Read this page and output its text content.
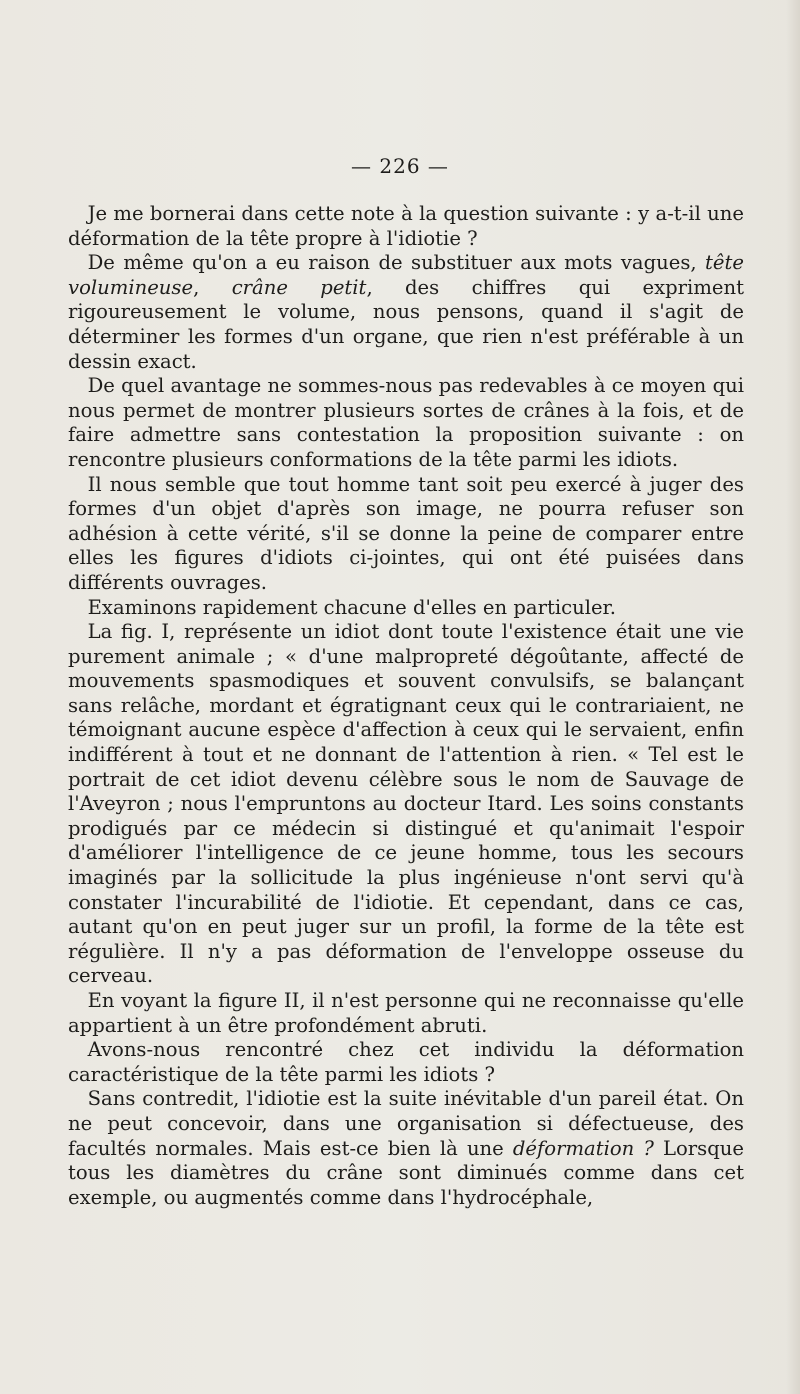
— 226 —

Je me bornerai dans cette note à la question suivante : y a-t-il une déformation de la tête propre à l'idiotie ?

De même qu'on a eu raison de substituer aux mots vagues, tête volumineuse, crâne petit, des chiffres qui expriment rigoureusement le volume, nous pensons, quand il s'agit de déterminer les formes d'un organe, que rien n'est préférable à un dessin exact.

De quel avantage ne sommes-nous pas redevables à ce moyen qui nous permet de montrer plusieurs sortes de crânes à la fois, et de faire admettre sans contestation la proposition suivante : on rencontre plusieurs conformations de la tête parmi les idiots.

Il nous semble que tout homme tant soit peu exercé à juger des formes d'un objet d'après son image, ne pourra refuser son adhésion à cette vérité, s'il se donne la peine de comparer entre elles les figures d'idiots ci-jointes, qui ont été puisées dans différents ouvrages.

Examinons rapidement chacune d'elles en particuler.

La fig. I, représente un idiot dont toute l'existence était une vie purement animale ; « d'une malpropreté dégoûtante, affecté de mouvements spasmodiques et souvent convulsifs, se balançant sans relâche, mordant et égratignant ceux qui le contrariaient, ne témoignant aucune espèce d'affection à ceux qui le servaient, enfin indifférent à tout et ne donnant de l'attention à rien. « Tel est le portrait de cet idiot devenu célèbre sous le nom de Sauvage de l'Aveyron ; nous l'empruntons au docteur Itard. Les soins constants prodigués par ce médecin si distingué et qu'animait l'espoir d'améliorer l'intelligence de ce jeune homme, tous les secours imaginés par la sollicitude la plus ingénieuse n'ont servi qu'à constater l'incurabilité de l'idiotie. Et cependant, dans ce cas, autant qu'on en peut juger sur un profil, la forme de la tête est régulière. Il n'y a pas déformation de l'enveloppe osseuse du cerveau.

En voyant la figure II, il n'est personne qui ne reconnaisse qu'elle appartient à un être profondément abruti.

Avons-nous rencontré chez cet individu la déformation caractéristique de la tête parmi les idiots ?

Sans contredit, l'idiotie est la suite inévitable d'un pareil état. On ne peut concevoir, dans une organisation si défectueuse, des facultés normales. Mais est-ce bien là une déformation ? Lorsque tous les diamètres du crâne sont diminués comme dans cet exemple, ou augmentés comme dans l'hydrocéphale,
